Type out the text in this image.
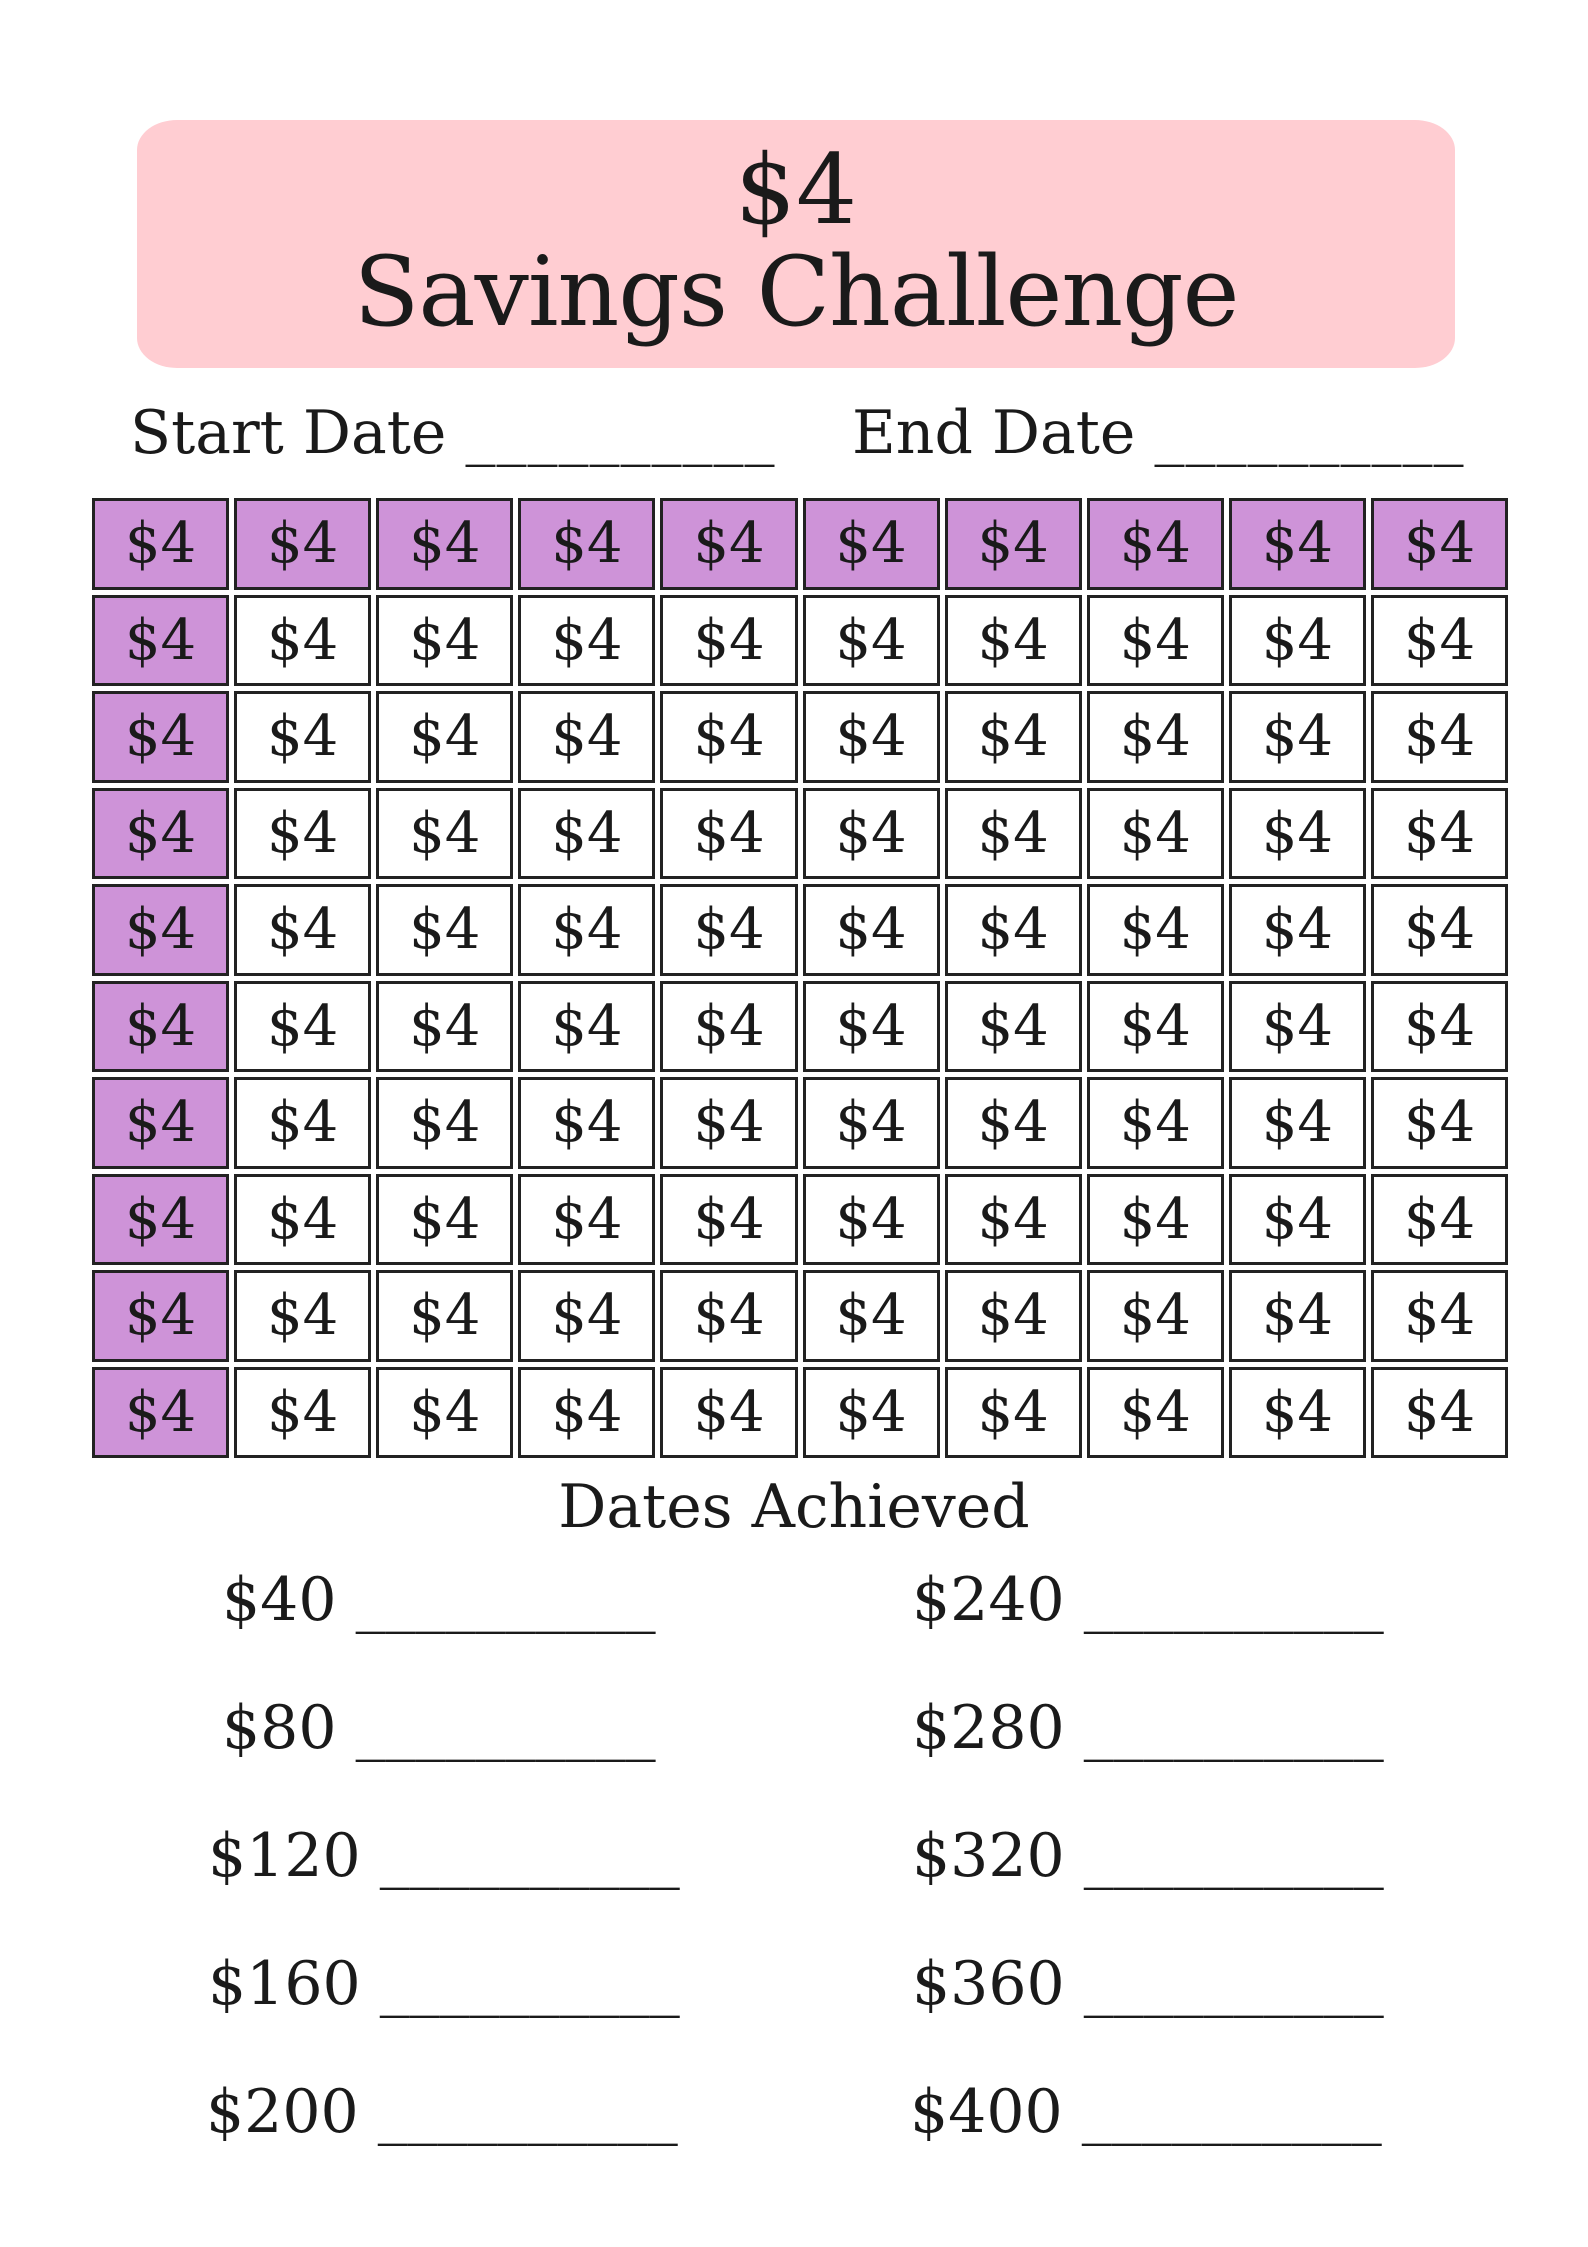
$4
Savings Challenge
Start Date __________ End Date __________
$4	$4	$4	$4	$4	$4	$4	$4	$4	$4
$4	$4	$4	$4	$4	$4	$4	$4	$4	$4
$4	$4	$4	$4	$4	$4	$4	$4	$4	$4
$4	$4	$4	$4	$4	$4	$4	$4	$4	$4
$4	$4	$4	$4	$4	$4	$4	$4	$4	$4
$4	$4	$4	$4	$4	$4	$4	$4	$4	$4
$4	$4	$4	$4	$4	$4	$4	$4	$4	$4
$4	$4	$4	$4	$4	$4	$4	$4	$4	$4
$4	$4	$4	$4	$4	$4	$4	$4	$4	$4
$4	$4	$4	$4	$4	$4	$4	$4	$4	$4
Dates Achieved
$40 __________
$80 __________
$120 __________
$160 __________
$200 __________
$240 __________
$280 __________
$320 __________
$360 __________
$400 __________
